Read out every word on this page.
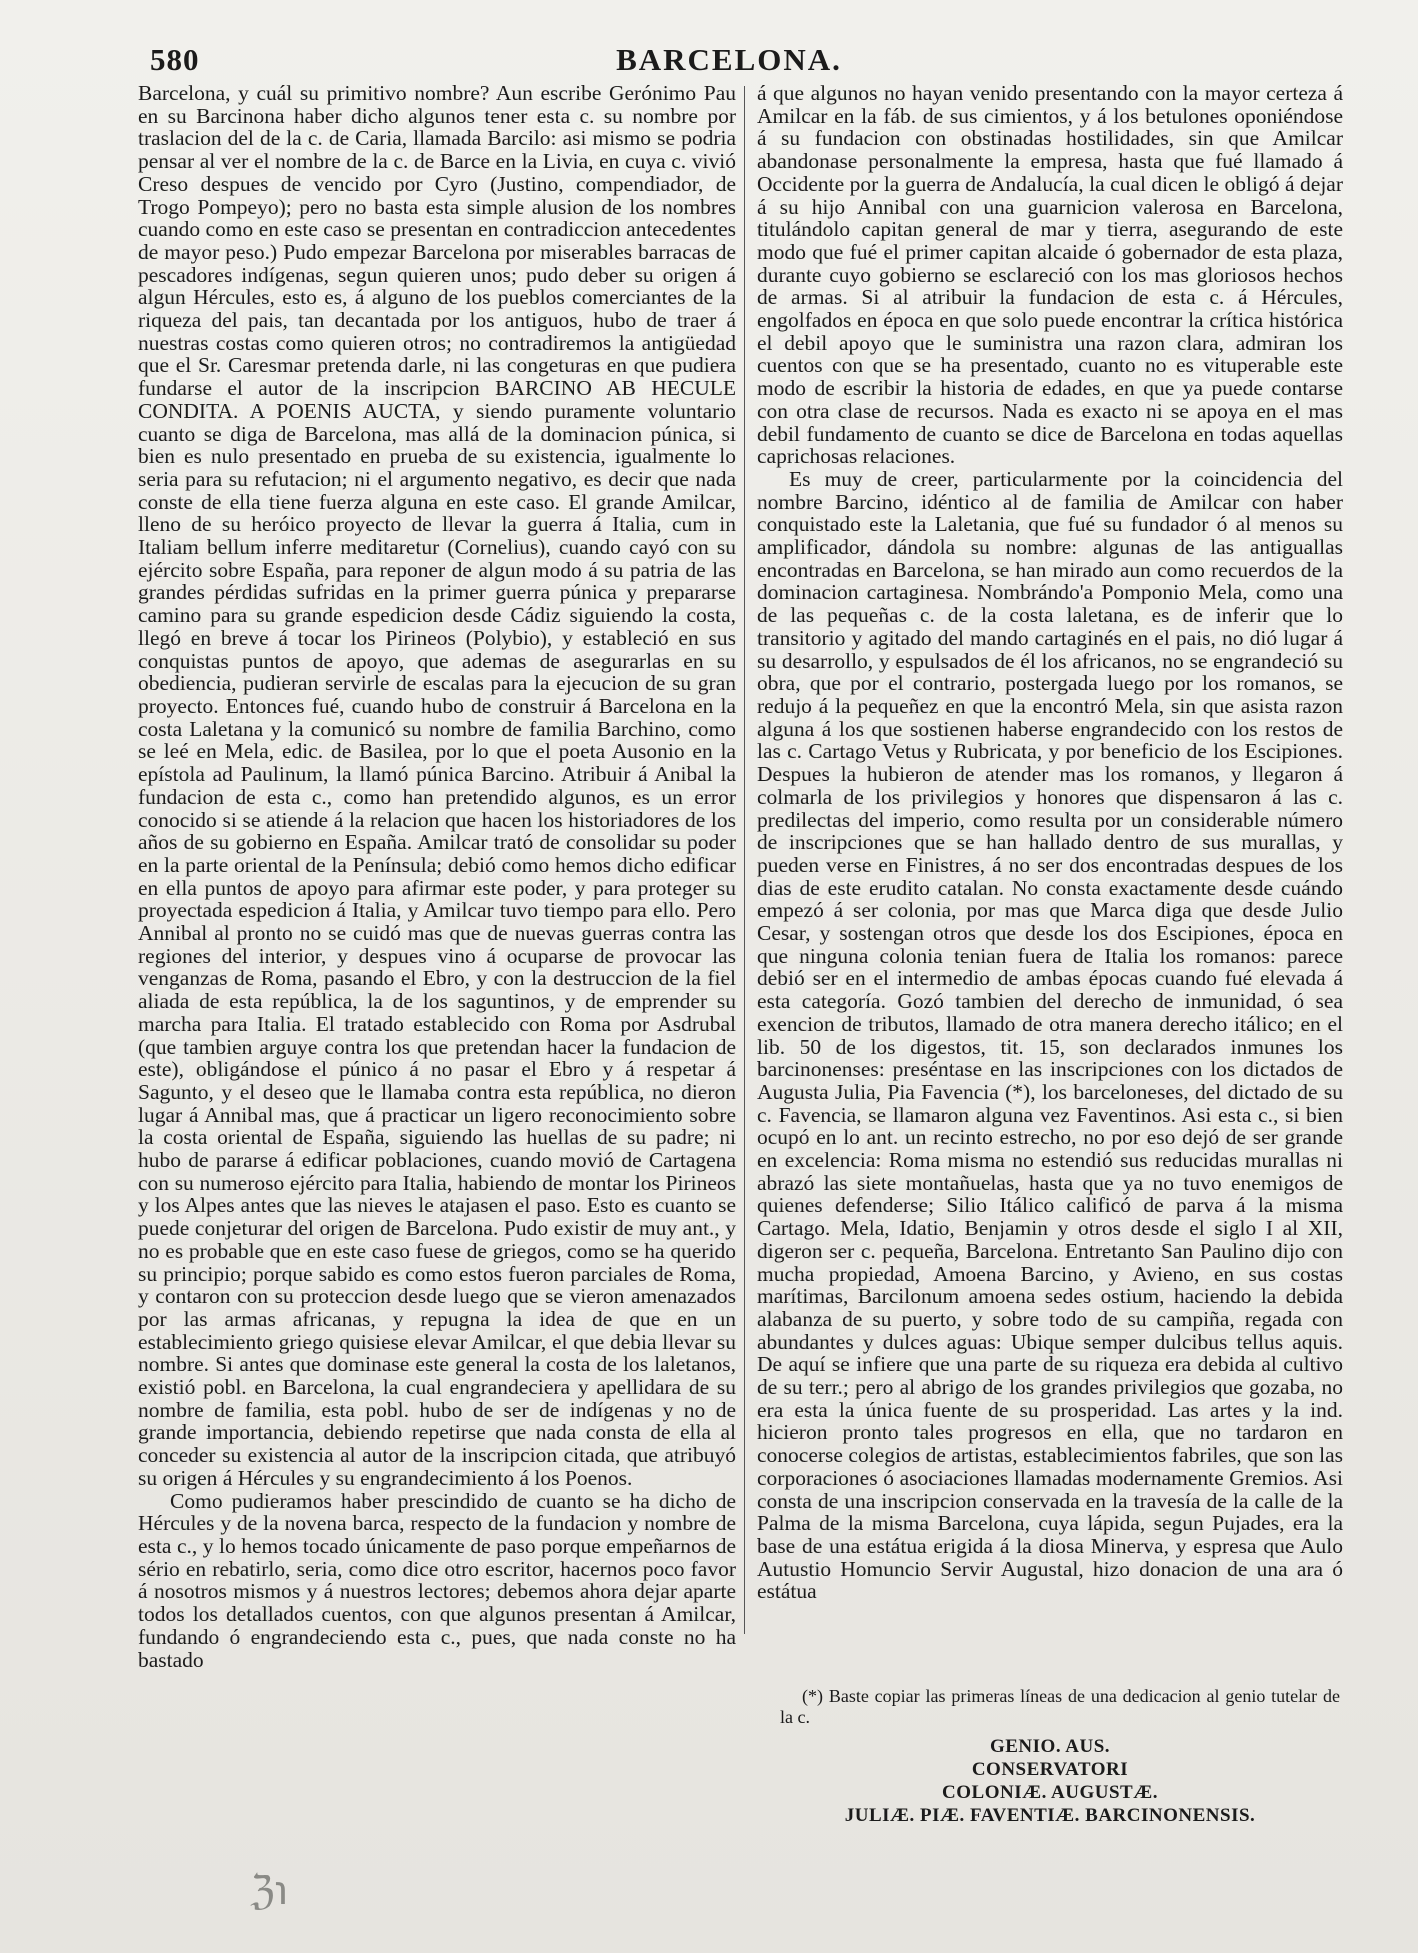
580	BARCELONA.

Barcelona, y cuál su primitivo nombre? Aun escribe Gerónimo Pau en su Barcinona haber dicho algunos tener esta c. su nombre por traslacion del de la c. de Caria, llamada Barcilo: asi mismo se podria pensar al ver el nombre de la c. de Barce en la Livia, en cuya c. vivió Creso despues de vencido por Cyro (Justino, compendiador, de Trogo Pompeyo); pero no basta esta simple alusion de los nombres cuando como en este caso se presentan en contradiccion antecedentes de mayor peso.) Pudo empezar Barcelona por miserables barracas de pescadores indígenas, segun quieren unos; pudo deber su origen á algun Hércules, esto es, á alguno de los pueblos comerciantes de la riqueza del pais, tan decantada por los antiguos, hubo de traer á nuestras costas como quieren otros; no contradiremos la antigüedad que el Sr. Caresmar pretenda darle, ni las congeturas en que pudiera fundarse el autor de la inscripcion BARCINO AB HECULE CONDITA. A POENIS AUCTA, y siendo puramente voluntario cuanto se diga de Barcelona, mas allá de la dominacion púnica, si bien es nulo presentado en prueba de su existencia, igualmente lo seria para su refutacion; ni el argumento negativo, es decir que nada conste de ella tiene fuerza alguna en este caso. El grande Amilcar, lleno de su heróico proyecto de llevar la guerra á Italia, cum in Italiam bellum inferre meditaretur (Cornelius), cuando cayó con su ejército sobre España, para reponer de algun modo á su patria de las grandes pérdidas sufridas en la primer guerra púnica y prepararse camino para su grande espedicion desde Cádiz siguiendo la costa, llegó en breve á tocar los Pirineos (Polybio), y estableció en sus conquistas puntos de apoyo, que ademas de asegurarlas en su obediencia, pudieran servirle de escalas para la ejecucion de su gran proyecto. Entonces fué, cuando hubo de construir á Barcelona en la costa Laletana y la comunicó su nombre de familia Barchino, como se leé en Mela, edic. de Basilea, por lo que el poeta Ausonio en la epístola ad Paulinum, la llamó púnica Barcino. Atribuir á Anibal la fundacion de esta c., como han pretendido algunos, es un error conocido si se atiende á la relacion que hacen los historiadores de los años de su gobierno en España. Amilcar trató de consolidar su poder en la parte oriental de la Península; debió como hemos dicho edificar en ella puntos de apoyo para afirmar este poder, y para proteger su proyectada espedicion á Italia, y Amilcar tuvo tiempo para ello. Pero Annibal al pronto no se cuidó mas que de nuevas guerras contra las regiones del interior, y despues vino á ocuparse de provocar las venganzas de Roma, pasando el Ebro, y con la destruccion de la fiel aliada de esta república, la de los saguntinos, y de emprender su marcha para Italia. El tratado establecido con Roma por Asdrubal (que tambien arguye contra los que pretendan hacer la fundacion de este), obligándose el púnico á no pasar el Ebro y á respetar á Sagunto, y el deseo que le llamaba contra esta república, no dieron lugar á Annibal mas, que á practicar un ligero reconocimiento sobre la costa oriental de España, siguiendo las huellas de su padre; ni hubo de pararse á edificar poblaciones, cuando movió de Cartagena con su numeroso ejército para Italia, habiendo de montar los Pirineos y los Alpes antes que las nieves le atajasen el paso. Esto es cuanto se puede conjeturar del origen de Barcelona. Pudo existir de muy ant., y no es probable que en este caso fuese de griegos, como se ha querido su principio; porque sabido es como estos fueron parciales de Roma, y contaron con su proteccion desde luego que se vieron amenazados por las armas africanas, y repugna la idea de que en un establecimiento griego quisiese elevar Amilcar, el que debia llevar su nombre. Si antes que dominase este general la costa de los laletanos, existió pobl. en Barcelona, la cual engrandeciera y apellidara de su nombre de familia, esta pobl. hubo de ser de indígenas y no de grande importancia, debiendo repetirse que nada consta de ella al conceder su existencia al autor de la inscripcion citada, que atribuyó su origen á Hércules y su engrandecimiento á los Poenos.

Como pudieramos haber prescindido de cuanto se ha dicho de Hércules y de la novena barca, respecto de la fundacion y nombre de esta c., y lo hemos tocado únicamente de paso porque empeñarnos de sério en rebatirlo, seria, como dice otro escritor, hacernos poco favor á nosotros mismos y á nuestros lectores; debemos ahora dejar aparte todos los detallados cuentos, con que algunos presentan á Amilcar, fundando ó engrandeciendo esta c., pues, que nada conste no ha bastado

á que algunos no hayan venido presentando con la mayor certeza á Amilcar en la fáb. de sus cimientos, y á los betulones oponiéndose á su fundacion con obstinadas hostilidades, sin que Amilcar abandonase personalmente la empresa, hasta que fué llamado á Occidente por la guerra de Andalucía, la cual dicen le obligó á dejar á su hijo Annibal con una guarnicion valerosa en Barcelona, titulándolo capitan general de mar y tierra, asegurando de este modo que fué el primer capitan alcaide ó gobernador de esta plaza, durante cuyo gobierno se esclareció con los mas gloriosos hechos de armas. Si al atribuir la fundacion de esta c. á Hércules, engolfados en época en que solo puede encontrar la crítica histórica el debil apoyo que le suministra una razon clara, admiran los cuentos con que se ha presentado, cuanto no es vituperable este modo de escribir la historia de edades, en que ya puede contarse con otra clase de recursos. Nada es exacto ni se apoya en el mas debil fundamento de cuanto se dice de Barcelona en todas aquellas caprichosas relaciones.

Es muy de creer, particularmente por la coincidencia del nombre Barcino, idéntico al de familia de Amilcar con haber conquistado este la Laletania, que fué su fundador ó al menos su amplificador, dándola su nombre: algunas de las antiguallas encontradas en Barcelona, se han mirado aun como recuerdos de la dominacion cartaginesa. Nombrándo'a Pomponio Mela, como una de las pequeñas c. de la costa laletana, es de inferir que lo transitorio y agitado del mando cartaginés en el pais, no dió lugar á su desarrollo, y espulsados de él los africanos, no se engrandeció su obra, que por el contrario, postergada luego por los romanos, se redujo á la pequeñez en que la encontró Mela, sin que asista razon alguna á los que sostienen haberse engrandecido con los restos de las c. Cartago Vetus y Rubricata, y por beneficio de los Escipiones. Despues la hubieron de atender mas los romanos, y llegaron á colmarla de los privilegios y honores que dispensaron á las c. predilectas del imperio, como resulta por un considerable número de inscripciones que se han hallado dentro de sus murallas, y pueden verse en Finistres, á no ser dos encontradas despues de los dias de este erudito catalan. No consta exactamente desde cuándo empezó á ser colonia, por mas que Marca diga que desde Julio Cesar, y sostengan otros que desde los dos Escipiones, época en que ninguna colonia tenian fuera de Italia los romanos: parece debió ser en el intermedio de ambas épocas cuando fué elevada á esta categoría. Gozó tambien del derecho de inmunidad, ó sea exencion de tributos, llamado de otra manera derecho itálico; en el lib. 50 de los digestos, tit. 15, son declarados inmunes los barcinonenses: preséntase en las inscripciones con los dictados de Augusta Julia, Pia Favencia (*), los barceloneses, del dictado de su c. Favencia, se llamaron alguna vez Faventinos. Asi esta c., si bien ocupó en lo ant. un recinto estrecho, no por eso dejó de ser grande en excelencia: Roma misma no estendió sus reducidas murallas ni abrazó las siete montañuelas, hasta que ya no tuvo enemigos de quienes defenderse; Silio Itálico calificó de parva á la misma Cartago. Mela, Idatio, Benjamin y otros desde el siglo I al XII, digeron ser c. pequeña, Barcelona. Entretanto San Paulino dijo con mucha propiedad, Amoena Barcino, y Avieno, en sus costas marítimas, Barcilonum amoena sedes ostium, haciendo la debida alabanza de su puerto, y sobre todo de su campiña, regada con abundantes y dulces aguas: Ubique semper dulcibus tellus aquis. De aquí se infiere que una parte de su riqueza era debida al cultivo de su terr.; pero al abrigo de los grandes privilegios que gozaba, no era esta la única fuente de su prosperidad. Las artes y la ind. hicieron pronto tales progresos en ella, que no tardaron en conocerse colegios de artistas, establecimientos fabriles, que son las corporaciones ó asociaciones llamadas modernamente Gremios. Asi consta de una inscripcion conservada en la travesía de la calle de la Palma de la misma Barcelona, cuya lápida, segun Pujades, era la base de una estátua erigida á la diosa Minerva, y espresa que Aulo Autustio Homuncio Servir Augustal, hizo donacion de una ara ó estátua

(*) Baste copiar las primeras líneas de una dedicacion al genio tutelar de la c.

GENIO. AUS.
CONSERVATORI
COLONIÆ. AUGUSTÆ.
JULIÆ. PIÆ. FAVENTIÆ. BARCINONENSIS.
ℨ℩
